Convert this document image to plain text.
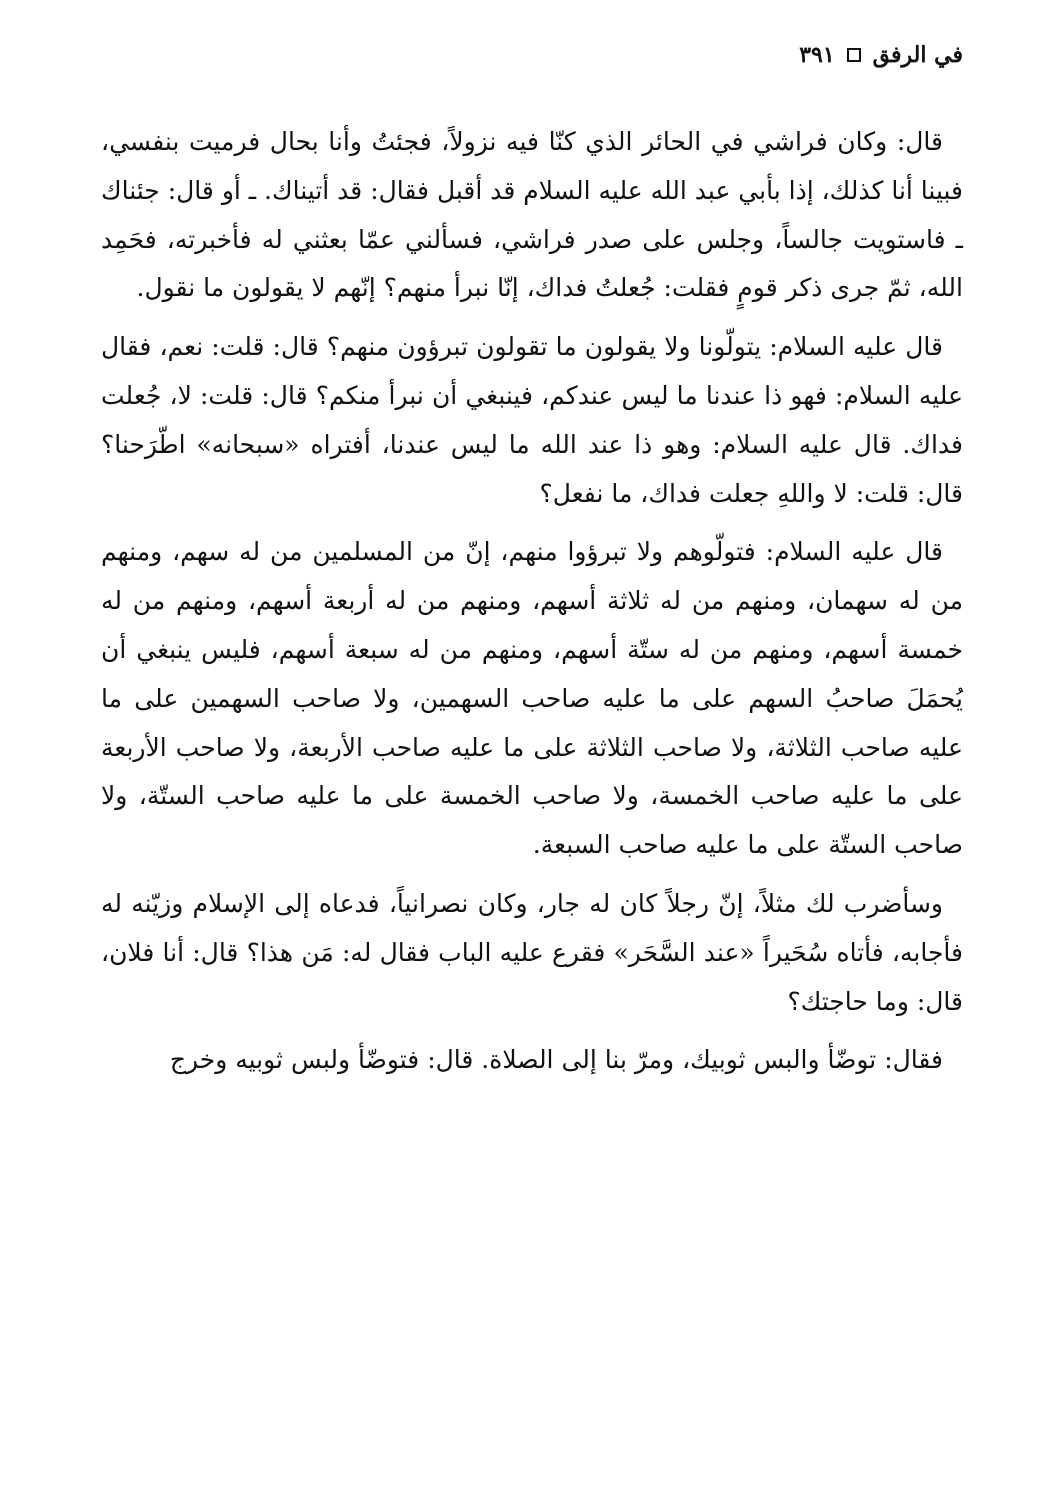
في الرفق
٣٩١

قال: وكان فراشي في الحائر الذي كنّا فيه نزولاً، فجئتُ وأنا بحال فرميت بنفسي، فبينا أنا كذلك، إذا بأبي عبد الله عليه السلام قد أقبل فقال: قد أتيناك. ـ أو قال: جئناك ـ فاستويت جالساً، وجلس على صدر فراشي، فسألني عمّا بعثني له فأخبرته، فحَمِد الله، ثمّ جرى ذكر قومٍ فقلت: جُعلتُ فداك، إنّا نبرأ منهم؟ إنّهم لا يقولون ما نقول.

قال عليه السلام: يتولّونا ولا يقولون ما تقولون تبرؤون منهم؟ قال: قلت: نعم، فقال عليه السلام: فهو ذا عندنا ما ليس عندكم، فينبغي أن نبرأ منكم؟ قال: قلت: لا، جُعلت فداك. قال عليه السلام: وهو ذا عند الله ما ليس عندنا، أفتراه «سبحانه» اطّرَحنا؟ قال: قلت: لا واللهِ جعلت فداك، ما نفعل؟

قال عليه السلام: فتولّوهم ولا تبرؤوا منهم، إنّ من المسلمين من له سهم، ومنهم من له سهمان، ومنهم من له ثلاثة أسهم، ومنهم من له أربعة أسهم، ومنهم من له خمسة أسهم، ومنهم من له ستّة أسهم، ومنهم من له سبعة أسهم، فليس ينبغي أن يُحمَلَ صاحبُ السهم على ما عليه صاحب السهمين، ولا صاحب السهمين على ما عليه صاحب الثلاثة، ولا صاحب الثلاثة على ما عليه صاحب الأربعة، ولا صاحب الأربعة على ما عليه صاحب الخمسة، ولا صاحب الخمسة على ما عليه صاحب الستّة، ولا صاحب الستّة على ما عليه صاحب السبعة.

وسأضرب لك مثلاً، إنّ رجلاً كان له جار، وكان نصرانياً، فدعاه إلى الإسلام وزيّنه له فأجابه، فأتاه سُحَيراً «عند السَّحَر» فقرع عليه الباب فقال له: مَن هذا؟ قال: أنا فلان، قال: وما حاجتك؟

فقال: توضّأ والبس ثوبيك، ومرّ بنا إلى الصلاة. قال: فتوضّأ ولبس ثوبيه وخرج
